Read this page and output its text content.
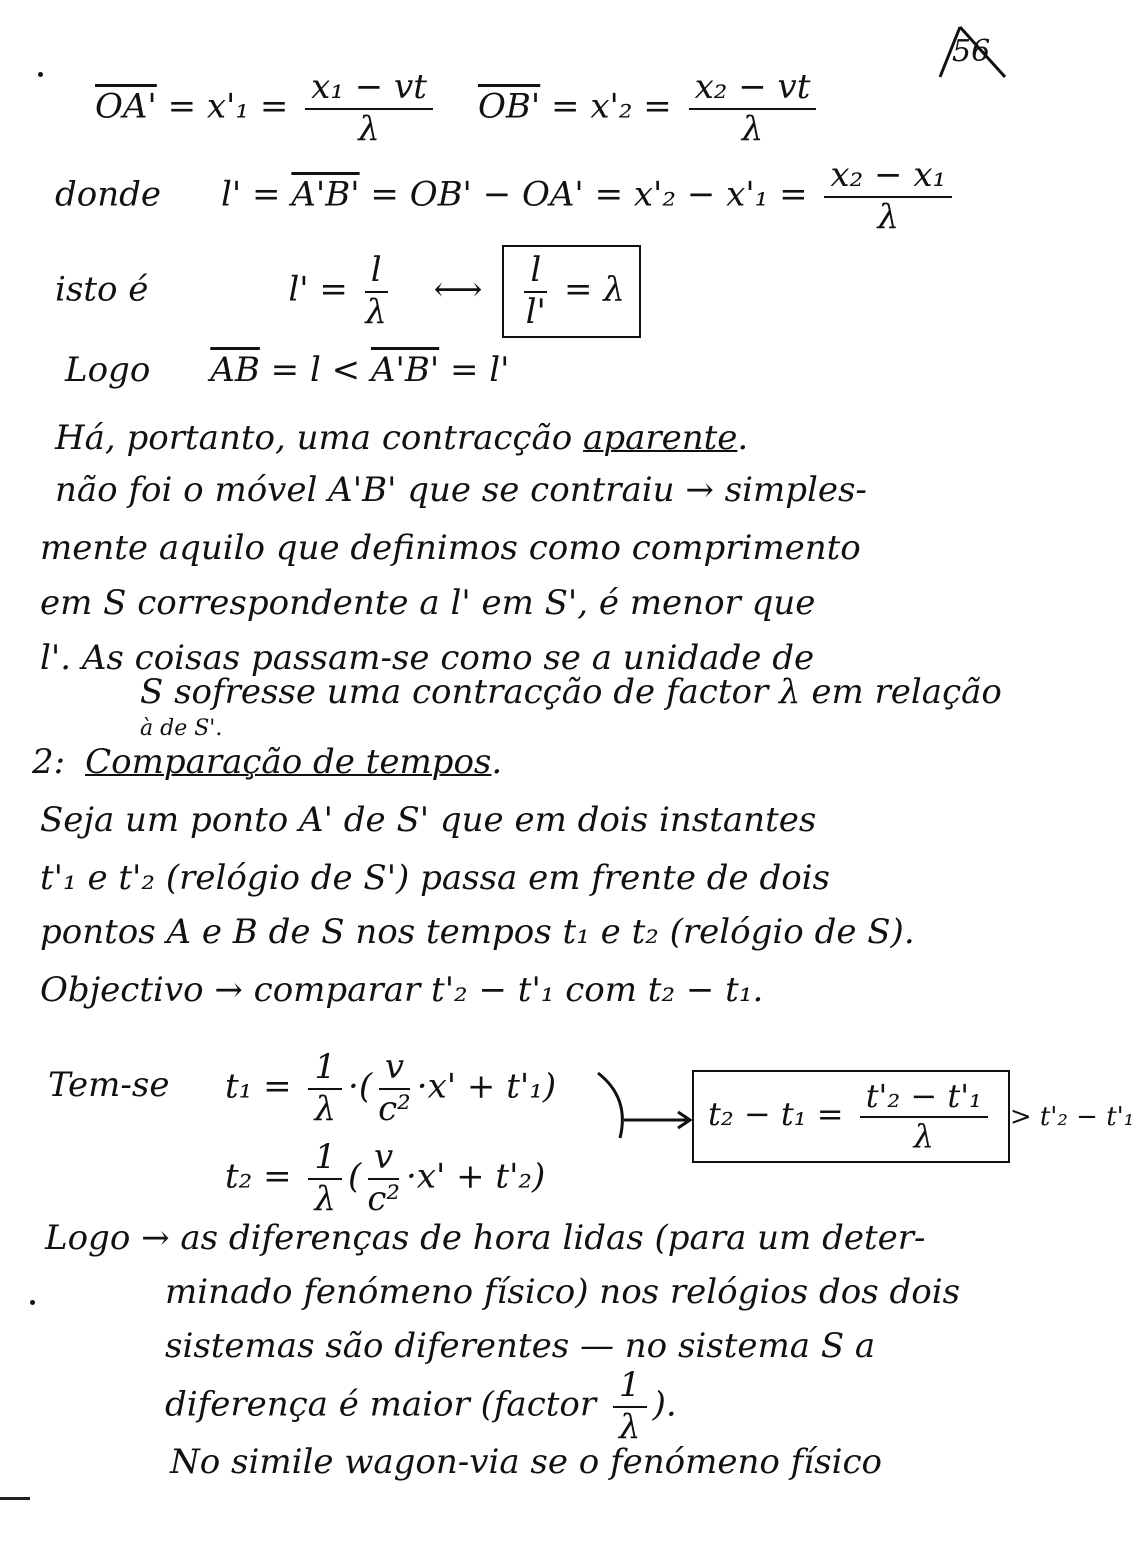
56
$OA' = x'_1 = \frac{\text{x₁ − vt}}{\lambda} OB' = x'_2 = \frac{\text{x₂ − vt}}{\lambda}$
donde $l' = A'B' = OB' - OA' = x'_2 - x'_1 = \frac{\text{x₂ − x₁}}{\lambda}$
isto é	$l' = \frac{l}{\lambda}$ ⟷ $\frac{l}{l'} = \lambda$
Logo $\overline{AB} = l < A'B' = l'$
Há, portanto, uma contracção aparente.
não foi o móvel A'B' que se contraiu → simples-
mente aquilo que definimos como comprimento
em S correspondente a l' em S', é menor que
l'. As coisas passam-se como se a unidade de
S sofresse uma contracção de factor λ em relação
à de S'.
2: Comparação de tempos.
Seja um ponto A' de S' que em dois instantes
t'₁ e t'₂ (relógio de S') passa em frente de dois
pontos A e B de S nos tempos t₁ e t₂ (relógio de S).
Objectivo → comparar t'₂ − t'₁ com t₂ − t₁.
Tem-se $t_1 = \frac{1}{\lambda}$ ·( $\frac{v}{\text{c²}} \cdot x' + t'_1$)
$t_2 = \frac{1}{\lambda}$ ( $\frac{v}{\text{c²}} \cdot x' + t'_2$)
$t_2 - t_1 = \frac{\text{t'₂ − t'₁}}{\lambda} > t'_2 - t'_1$
Logo → as diferenças de hora lidas (para um deter-
minado fenómeno físico) nos relógios dos dois
sistemas são diferentes — no sistema S a
diferença é maior (factor $\frac{1}{\lambda}$ ).
No simile wagon-via se o fenómeno físico
